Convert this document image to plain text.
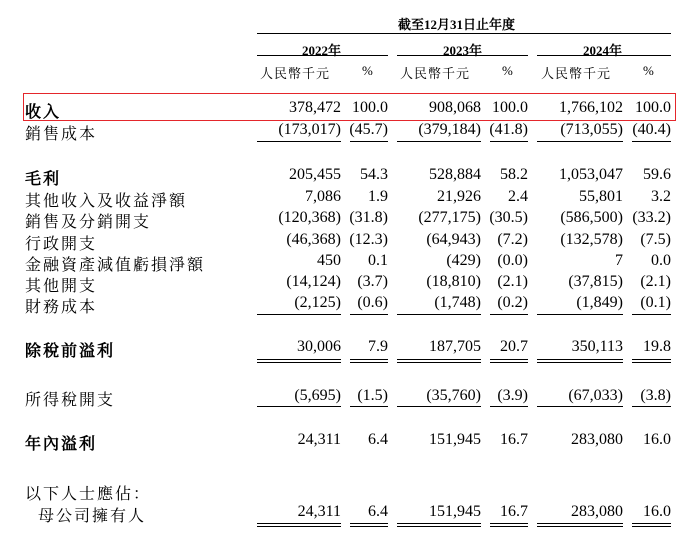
截至12月31日止年度
2022年	2023年	2024年
人民幣千元 % 人民幣千元 % 人民幣千元 %
收入	378,472 100.0	908,068 100.0 1,766,102 100.0
銷售成本	(173,017) (45.7) (379,184) (41.8) (713,055) (40.4)
毛利	205,455 54.3	528,884 58.2 1,053,047 59.6
其他收入及收益淨額	7,086 1.9	21,926 2.4	55,801 3.2
銷售及分銷開支	(120,368) (31.8) (277,175) (30.5) (586,500) (33.2)
行政開支	(46,368) (12.3) (64,943) (7.2) (132,578) (7.5)
金融資產減值虧損淨額	450 0.1	(429) (0.0)	7 0.0
其他開支	(14,124) (3.7) (18,810) (2.1)	(37,815) (2.1)
財務成本	(2,125) (0.6)	(1,748) (0.2)	(1,849) (0.1)
除稅前溢利	30,006 7.9	187,705 20.7	350,113 19.8
所得稅開支	(5,695) (1.5) (35,760) (3.9)	(67,033) (3.8)
年內溢利	24,311 6.4	151,945 16.7	283,080 16.0
以下人士應佔：
母公司擁有人	24,311 6.4	151,945 16.7	283,080 16.0
